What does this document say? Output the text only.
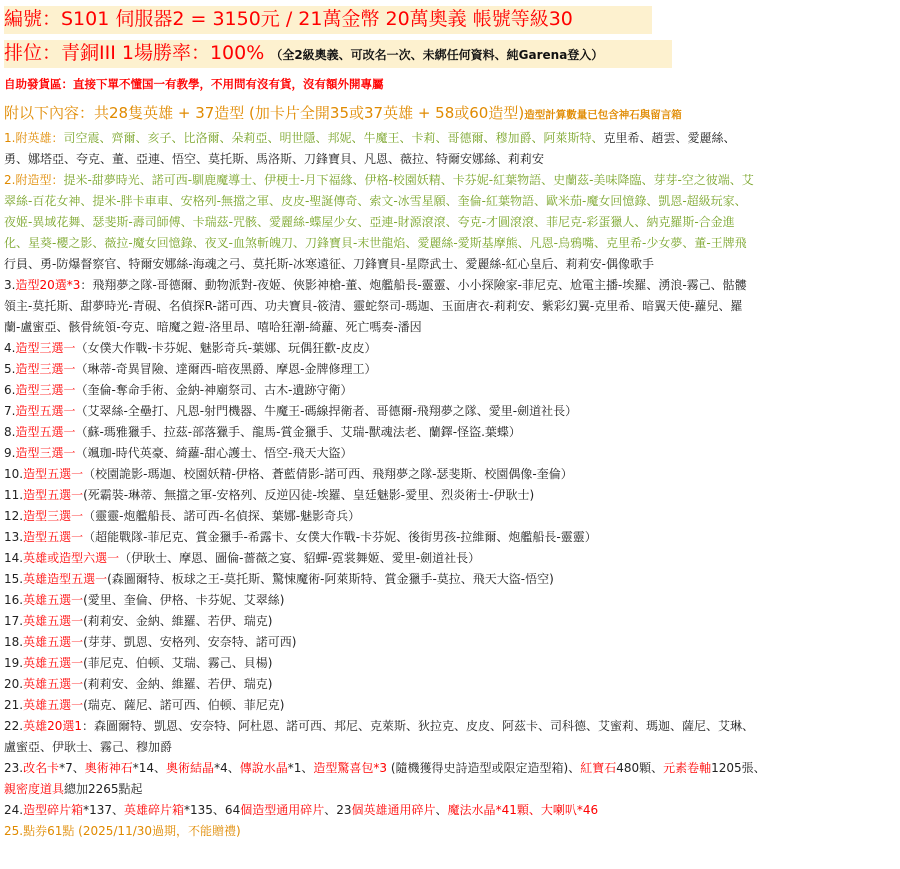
編號：S101 伺服器2 = 3150元 / 21萬金幣 20萬奧義 帳號等級30
排位：青銅III 1場勝率：100% （全2級奧義、可改名一次、未綁任何資料、純Garena登入）
自助發貨區：直接下單不懂国一有教學，不用問有沒有貨，沒有額外開專屬
附以下內容：共28隻英雄 + 37造型 (加卡片全開35或37英雄 + 58或60造型)造型計算數量已包含神石與留言箱
1.附英雄：司空震、齊爾、亥子、比洛爾、朵莉亞、明世隱、邦妮、牛魔王、卡莉、哥德爾、穆加爵、阿萊斯特、克里希、趙雲、愛麗絲、
勇、娜塔亞、夸克、董、亞連、悟空、莫托斯、馬洛斯、刀鋒寶貝、凡恩、薇拉、特爾安娜絲、莉莉安
2.附造型：提米-甜夢時光、諾可西-馴鹿魔導士、伊梗士-月下福緣、伊格-校園妖精、卡芬妮-紅葉物語、史蘭茲-美味降臨、芽芽-空之彼端、艾
翠絲-百花女神、提米-胖卡車車、安格列-無擋之軍、皮皮-聖誕傳奇、索文-冰雪星願、奎倫-紅葉物語、歐米茄-魔女回憶錄、凱恩-超級玩家、
夜姬-異域花舞、瑟斐斯-壽司師傅、卡瑞茲-咒骸、愛麗絲-蝶屋少女、亞連-財源滾滾、夸克-才圓滾滾、菲尼克-彩蛋獵人、納克羅斯-合金進
化、星葵-櫻之影、薇拉-魔女回憶錄、夜叉-血煞斬魄刀、刀鋒寶貝-末世龍焰、愛麗絲-愛斯基摩熊、凡恩-烏鴉嘴、克里希-少女夢、董-王牌飛
行員、勇-防爆督察官、特爾安娜絲-海魂之弓、莫托斯-冰寒遠征、刀鋒寶貝-星際武士、愛麗絲-紅心皇后、莉莉安-偶像歌手
3.造型20選*3：飛翔夢之隊-哥德爾、動物派對-夜姬、俠影神槍-董、炮艦船長-靈靈、小小探險家-菲尼克、尬電主播-埃羅、湧浪-霧己、骷髏
領主-莫托斯、甜夢時光-青硯、名偵探R-諾可西、功夫寶貝-筱清、靈蛇祭司-瑪迦、玉面唐衣-莉莉安、紫彩幻翼-克里希、暗翼天使-蘿兒、羅
蘭-盧蜜亞、骸骨統領-夸克、暗魔之鎧-洛里昂、嘻哈狂潮-綺蘿、死亡嗎奏-潘因
4.造型三選一（女僕大作戰-卡芬妮、魅影奇兵-葉娜、玩偶狂歡-皮皮）
5.造型三選一（琳蒂-奇異冒險、達爾西-暗夜黑爵、摩恩-金牌修理工）
6.造型三選一（奎倫-奪命手術、金納-神廟祭司、古木-遺跡守衛）
7.造型五選一（艾翠絲-全壘打、凡恩-射門機器、牛魔王-碼線捍衛者、哥德爾-飛翔夢之隊、愛里-劍道社長）
8.造型五選一（蘇-瑪雅獵手、拉茲-部落獵手、龍馬-賞金獵手、艾瑞-獸魂法老、蘭鐸-怪盜.葉蝶）
9.造型三選一（颯珈-時代英豪、綺蘿-甜心護士、悟空-飛天大盜）
10.造型五選一（校園詭影-瑪迦、校園妖精-伊格、蒼藍倩影-諾可西、飛翔夢之隊-瑟斐斯、校園偶像-奎倫）
11.造型五選一(死霸裝-琳蒂、無擋之軍-安格列、反逆囚徒-埃羅、皇廷魅影-愛里、烈炎術士-伊耿士)
12.造型三選一（靈靈-炮艦船長、諾可西-名偵探、葉娜-魅影奇兵）
13.造型五選一（超能戰隊-菲尼克、賞金獵手-希露卡、女僕大作戰-卡芬妮、後街男孩-拉維爾、炮艦船長-靈靈）
14.英雄或造型六選一（伊耿士、摩恩、圖倫-薔薇之宴、貂蟬-霓裳舞姬、愛里-劍道社長）
15.英雄造型五選一(森圖爾特、板球之王-莫托斯、驚悚魔術-阿萊斯特、賞金獵手-莫拉、飛天大盜-悟空)
16.英雄五選一(愛里、奎倫、伊格、卡芬妮、艾翠絲)
17.英雄五選一(莉莉安、金納、維羅、若伊、瑞克)
18.英雄五選一(芽芽、凱恩、安格列、安奈特、諾可西)
19.英雄五選一(菲尼克、伯顿、艾瑞、霧己、貝楊)
20.英雄五選一(莉莉安、金納、維羅、若伊、瑞克)
21.英雄五選一(瑞克、薩尼、諾可西、伯顿、菲尼克)
22.英雄20選1：森圖爾特、凱恩、安奈特、阿杜恩、諾可西、邦尼、克萊斯、狄拉克、皮皮、阿茲卡、司科德、艾蜜莉、瑪迦、薩尼、艾琳、
盧蜜亞、伊耿士、霧己、穆加爵
23.改名卡*7、奧術神石*14、奧術結晶*4、傳說水晶*1、造型驚喜包*3 (隨機獲得史詩造型或限定造型箱)、紅寶石480顆、元素卷軸1205張、
親密度道具總加2265點起
24.造型碎片箱*137、英雄碎片箱*135、64個造型通用碎片、23個英雄通用碎片、魔法水晶*41顆、大喇叭*46
25.點券61點 (2025/11/30過期，不能贈禮)
